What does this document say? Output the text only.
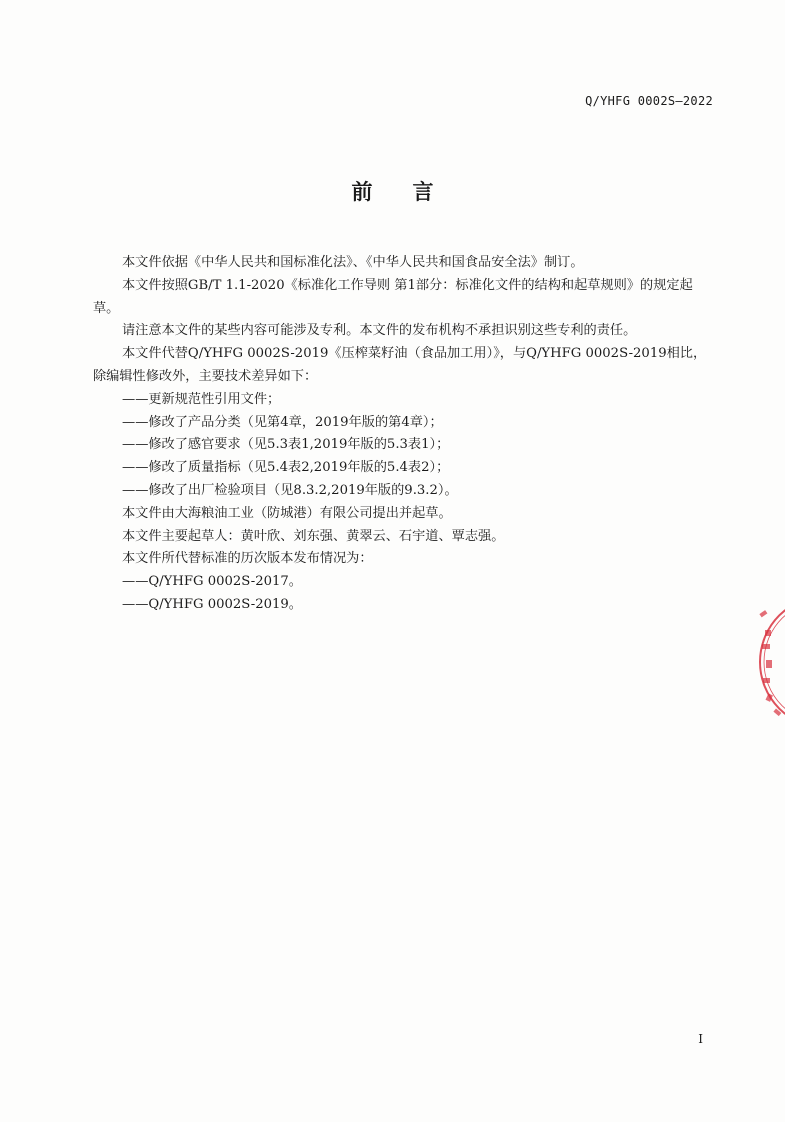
Q/YHFG 0002S—2022
前言

本文件依据《中华人民共和国标准化法》、《中华人民共和国食品安全法》制订。

本文件按照GB/T 1.1-2020《标准化工作导则 第1部分：标准化文件的结构和起草规则》的规定起草。

请注意本文件的某些内容可能涉及专利。本文件的发布机构不承担识别这些专利的责任。

本文件代替Q/YHFG 0002S-2019《压榨菜籽油（食品加工用）》，与Q/YHFG 0002S-2019相比，除编辑性修改外，主要技术差异如下：

——更新规范性引用文件；

——修改了产品分类（见第4章，2019年版的第4章）；

——修改了感官要求（见5.3表1,2019年版的5.3表1）；

——修改了质量指标（见5.4表2,2019年版的5.4表2）；

——修改了出厂检验项目（见8.3.2,2019年版的9.3.2）。

本文件由大海粮油工业（防城港）有限公司提出并起草。

本文件主要起草人：黄叶欣、刘东强、黄翠云、石宇道、覃志强。

本文件所代替标准的历次版本发布情况为：

——Q/YHFG 0002S-2017。

——Q/YHFG 0002S-2019。

I
